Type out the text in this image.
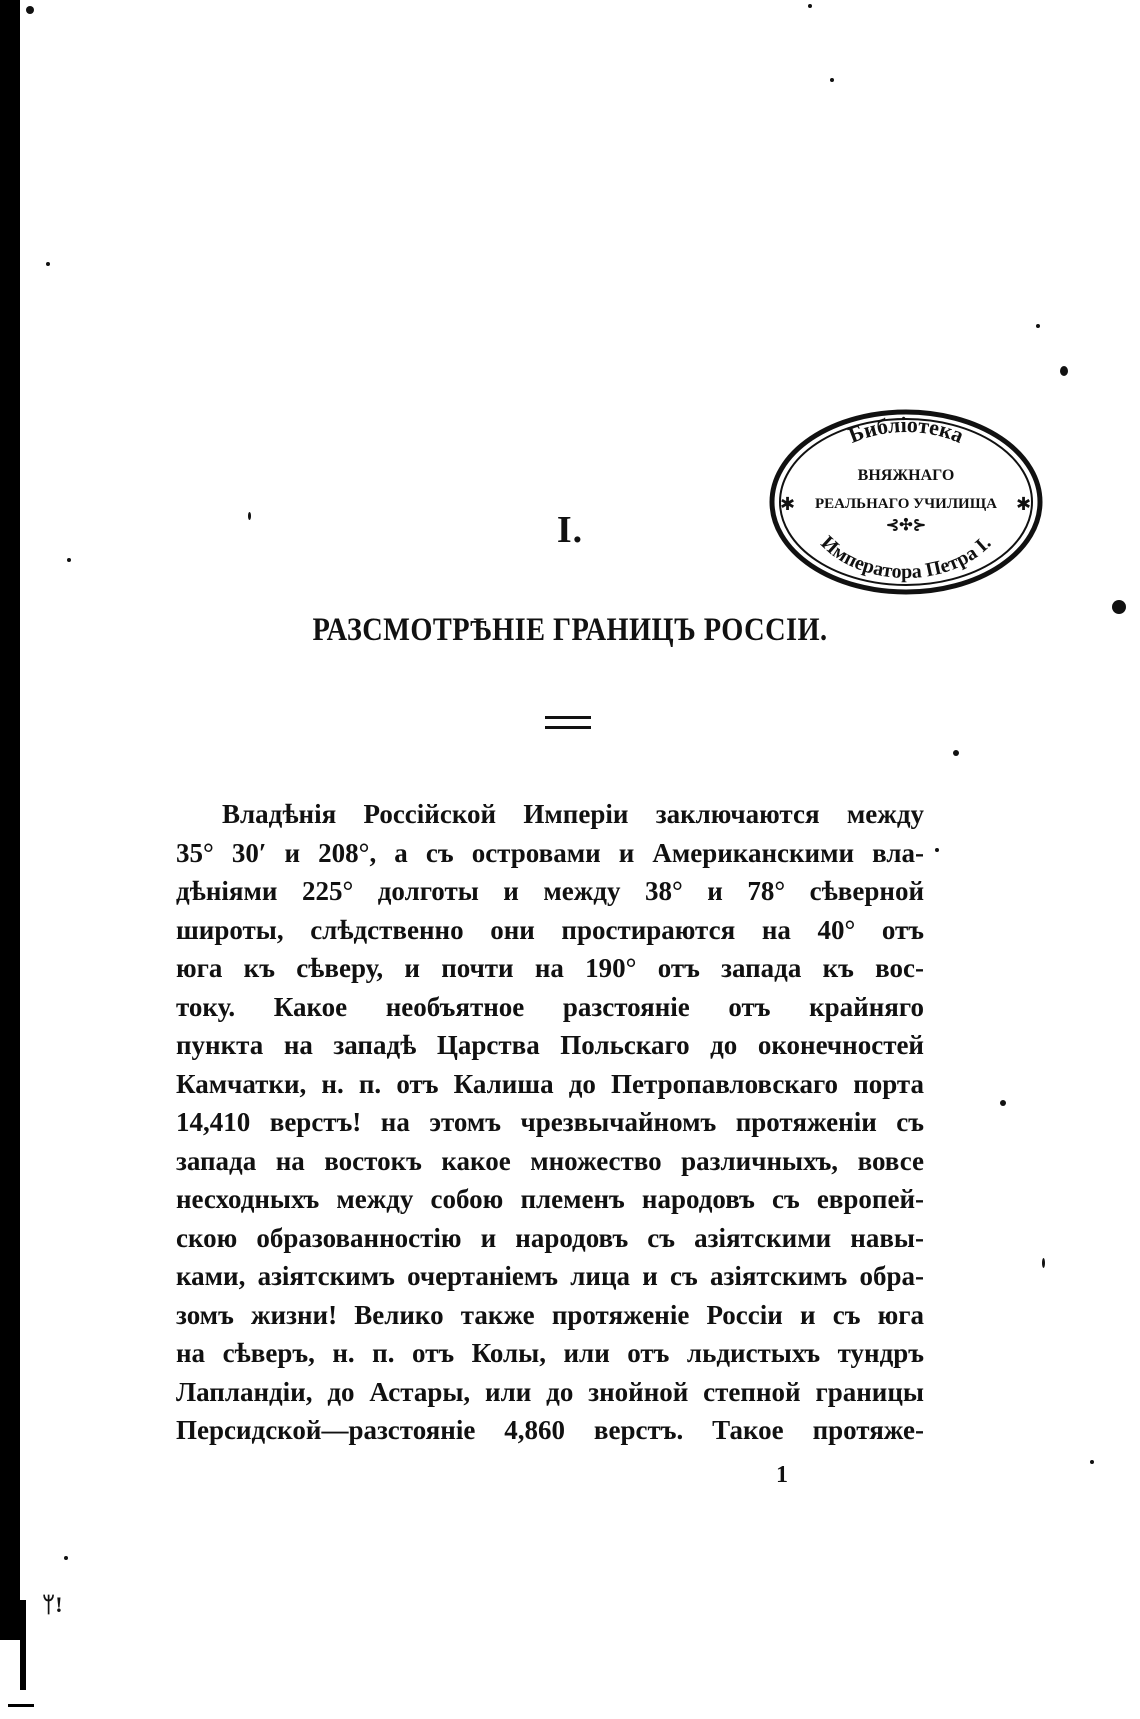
Библіотека
ВНЯЖНАГО
РЕАЛЬНАГО УЧИЛИЩА
⊰✣⊱
Императора Петра I.
✱	✱
I.
РАЗСМОТРѢНІЕ ГРАНИЦЪ РОССІИ.
Владѣнія Россійской Имперіи заключаются между
35° 30′ и 208°, а съ островами и Американскими вла-
дѣніями 225° долготы и между 38° и 78° сѣверной
широты, слѣдственно они простираются на 40° отъ
юга къ сѣверу, и почти на 190° отъ запада къ вос-
току. Какое необъятное разстояніе отъ крайняго
пункта на западѣ Царства Польскаго до оконечностей
Камчатки, н. п. отъ Калиша до Петропавловскаго порта
14,410 верстъ! на этомъ чрезвычайномъ протяженіи съ
запада на востокъ какое множество различныхъ, вовсе
несходныхъ между собою племенъ народовъ съ европей-
скою образованностію и народовъ съ азіятскими навы-
ками, азіятскимъ очертаніемъ лица и съ азіятскимъ обра-
зомъ жизни! Велико также протяженіе Россіи и съ юга
на сѣверъ, н. п. отъ Колы, или отъ льдистыхъ тундръ
Лапландіи, до Астары, или до знойной степной границы
Персидской—разстояніе 4,860 верстъ. Такое протяже-
1
ᛘ!
